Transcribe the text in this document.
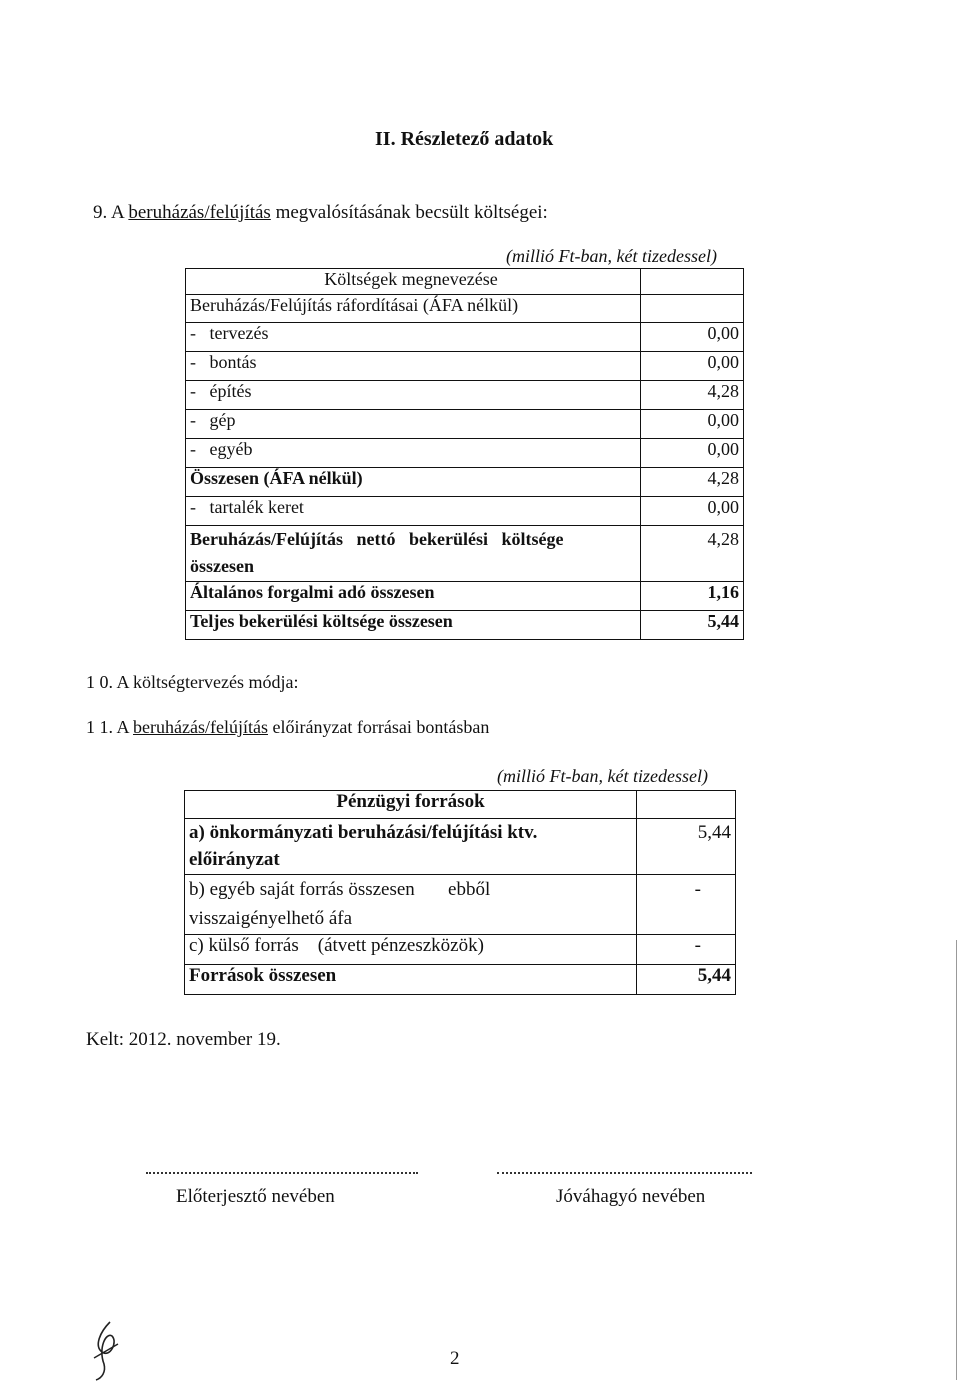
II. Részletező adatok
9. A beruházás/felújítás megvalósításának becsült költségei:
(millió Ft-ban, két tizedessel)
Költségek megnevezése	
Beruházás/Felújítás ráfordításai (ÁFA nélkül)	
-   tervezés	0,00
-   bontás	0,00
-   építés	4,28
-   gép	0,00
-   egyéb	0,00
Összesen (ÁFA nélkül)	4,28
-   tartalék keret	0,00

Beruházás/Felújítás   nettó   bekerülési   költsége
összesen	4,28
Általános forgalmi adó összesen	1,16
Teljes bekerülési költsége összesen	5,44
1 0. A költségtervezés módja:
1 1. A beruházás/felújítás előirányzat forrásai bontásban
(millió Ft-ban, két tizedessel)
Pénzügyi források	

a) önkormányzati beruházási/felújítási ktv.
előirányzat	5,44

b) egyéb saját forrás összesen       ebből
visszaigényelhető áfa	-
c) külső forrás    (átvett pénzeszközök)	-
Források összesen	5,44
Kelt: 2012. november 19.
Előterjesztő nevében	Jóváhagyó nevében
2
